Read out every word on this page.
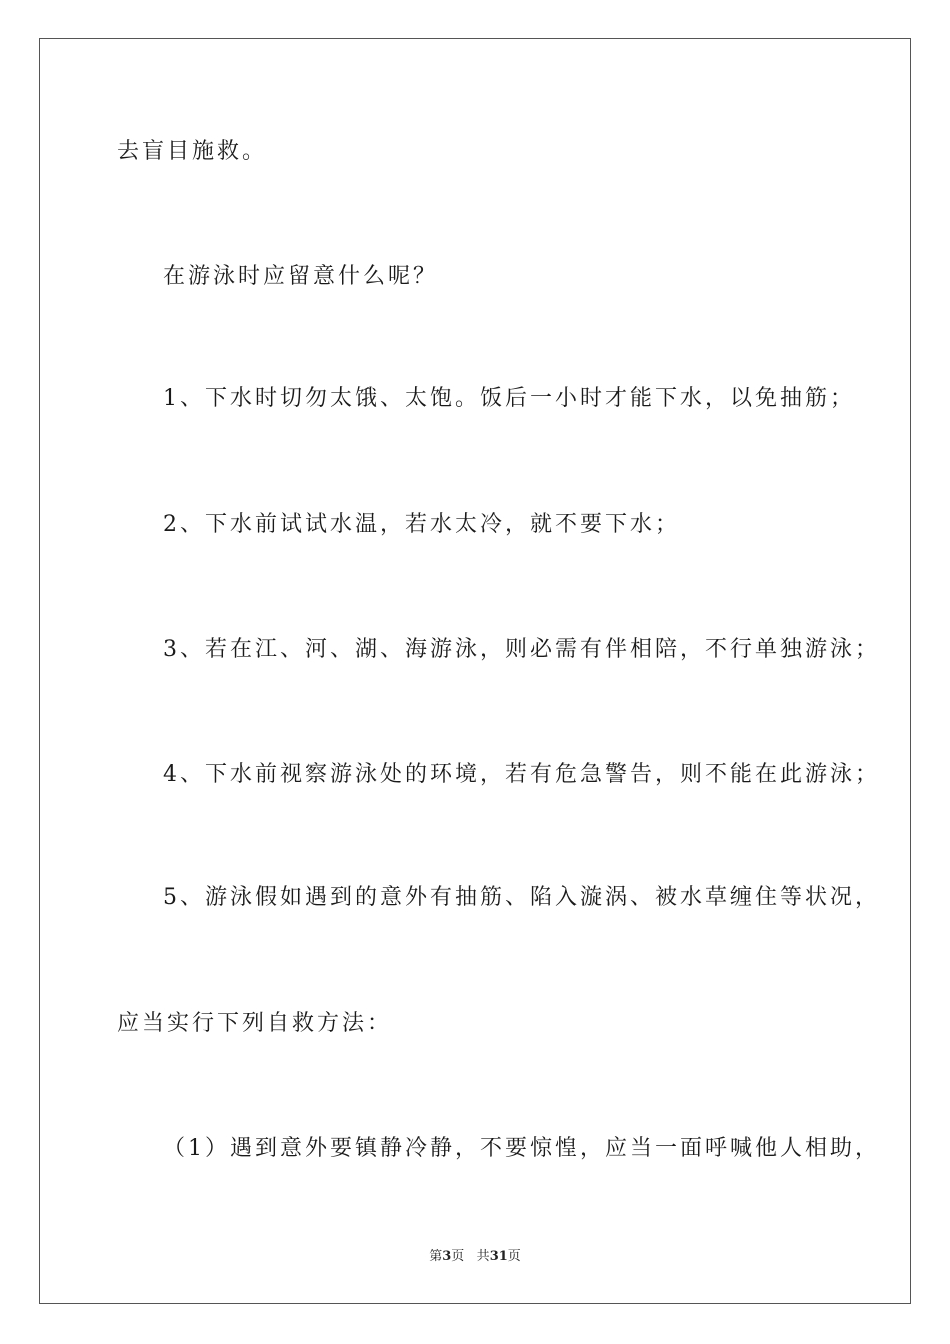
去盲目施救。

在游泳时应留意什么呢？

1、下水时切勿太饿、太饱。饭后一小时才能下水，以免抽筋；

2、下水前试试水温，若水太冷，就不要下水；

3、若在江、河、湖、海游泳，则必需有伴相陪，不行单独游泳；

4、下水前视察游泳处的环境，若有危急警告，则不能在此游泳；

5、游泳假如遇到的意外有抽筋、陷入漩涡、被水草缠住等状况，

应当实行下列自救方法：

（1）遇到意外要镇静冷静，不要惊惶，应当一面呼喊他人相助，

第3页 共31页
